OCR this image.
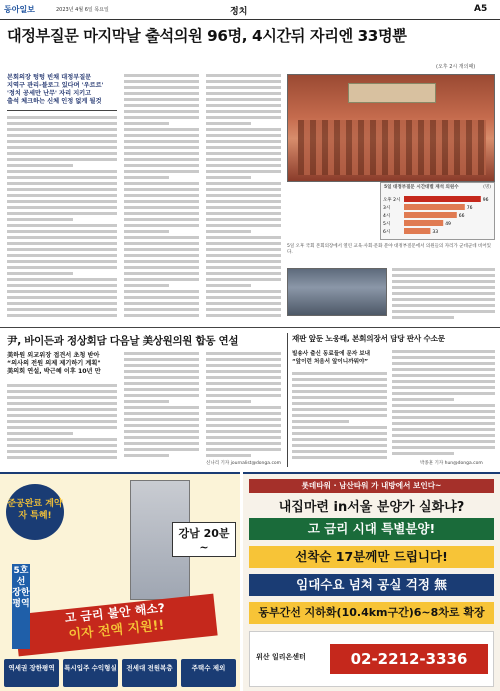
동아일보	2023년 4월 6일 목요일	정치	A5
대정부질문 마지막날 출석의원 96명, 4시간뒤 자리엔 33명뿐
(오후 2시 개의때)
본회의장 텅텅 빈채 대정부질문
지역구 관리-블로그 있다며 '우르르'
'정치 공세만 난무' 자리 지키고
출석 체크하는 신체 인정 없게 될것
5일 대정부질문 시간대별 재석 의원수	(명)
오후 2시	96
3시	76
4시	66
5시	49
6시	33
5일 오후 국회 본회의장에서 열린 교육·사회·문화 분야 대정부질문에서 의원들의 자리가 군데군데 비어있다.
尹, 바이든과 정상회담 다음날 美상원의원 합동 연설
美하원 외교위장 접견서 초청 받아
“의사의 전원 의제 제기하기 계획"
美의회 연설, 박근혜 이후 10년 만
신나리 기자 journalist@donga.com
재판 앞둔 노웅래, 본회의장서 담당 판사 수소문
빌송사 출신 동료들에 문자 보내
“앞이런 처음서 앞이니까뭐야”
박종훈 기자 hun@donga.com
준공완료 계약자 특혜!
강남 20분~
고 금리 불안 해소?
이자 전액 지원!!
5호선 장한평역
역세권 장한평역	특시입주 수익형실	전세대 전원복층	주택수 제외
롯데타워 · 남산타워 가 내방에서 보인다~
내집마련 in서울 분양가 실화냐?
고 금리 시대 특별분양!
선착순 17분께만 드립니다!
임대수요 넘쳐 공실 걱정 無
동부간선 지하화(10.4km구간)6~8차로 확장
위산 일리온센터	02-2212-3336
